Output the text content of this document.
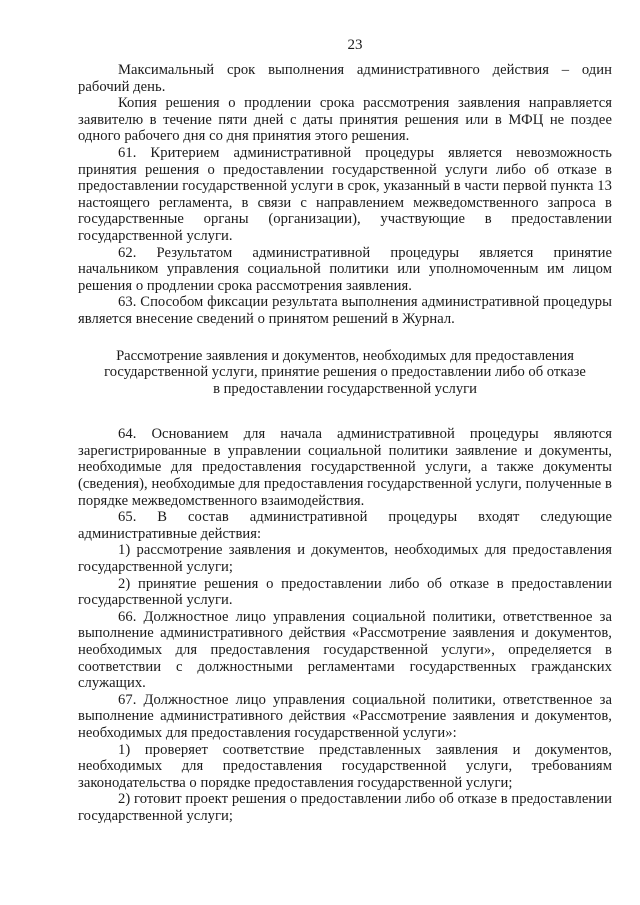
23

Максимальный срок выполнения административного действия – один рабочий день.

Копия решения о продлении срока рассмотрения заявления направляется заявителю в течение пяти дней с даты принятия решения или в МФЦ не поздее одного рабочего дня со дня принятия этого решения.

61. Критерием административной процедуры является невозможность принятия решения о предоставлении государственной услуги либо об отказе в предоставлении государственной услуги в срок, указанный в части первой пункта 13 настоящего регламента, в связи с направлением межведомственного запроса в государственные органы (организации), участвующие в предоставлении государственной услуги.

62. Результатом административной процедуры является принятие начальником управления социальной политики или уполномоченным им лицом решения о продлении срока рассмотрения заявления.

63. Способом фиксации результата выполнения административной процедуры является внесение сведений о принятом решений в Журнал.

Рассмотрение заявления и документов, необходимых для предоставления
государственной услуги, принятие решения о предоставлении либо об отказе
в предоставлении государственной услуги

64. Основанием для начала административной процедуры являются зарегистрированные в управлении социальной политики заявление и документы, необходимые для предоставления государственной услуги, а также документы (сведения), необходимые для предоставления государственной услуги, полученные в порядке межведомственного взаимодействия.

65. В состав административной процедуры входят следующие административные действия:

1) рассмотрение заявления и документов, необходимых для предоставления государственной услуги;

2) принятие решения о предоставлении либо об отказе в предоставлении государственной услуги.

66. Должностное лицо управления социальной политики, ответственное за выполнение административного действия «Рассмотрение заявления и документов, необходимых для предоставления государственной услуги», определяется в соответствии с должностными регламентами государственных гражданских служащих.

67. Должностное лицо управления социальной политики, ответственное за выполнение административного действия «Рассмотрение заявления и документов, необходимых для предоставления государственной услуги»:

1) проверяет соответствие представленных заявления и документов, необходимых для предоставления государственной услуги, требованиям законодательства о порядке предоставления государственной услуги;

2) готовит проект решения о предоставлении либо об отказе в предоставлении государственной услуги;
